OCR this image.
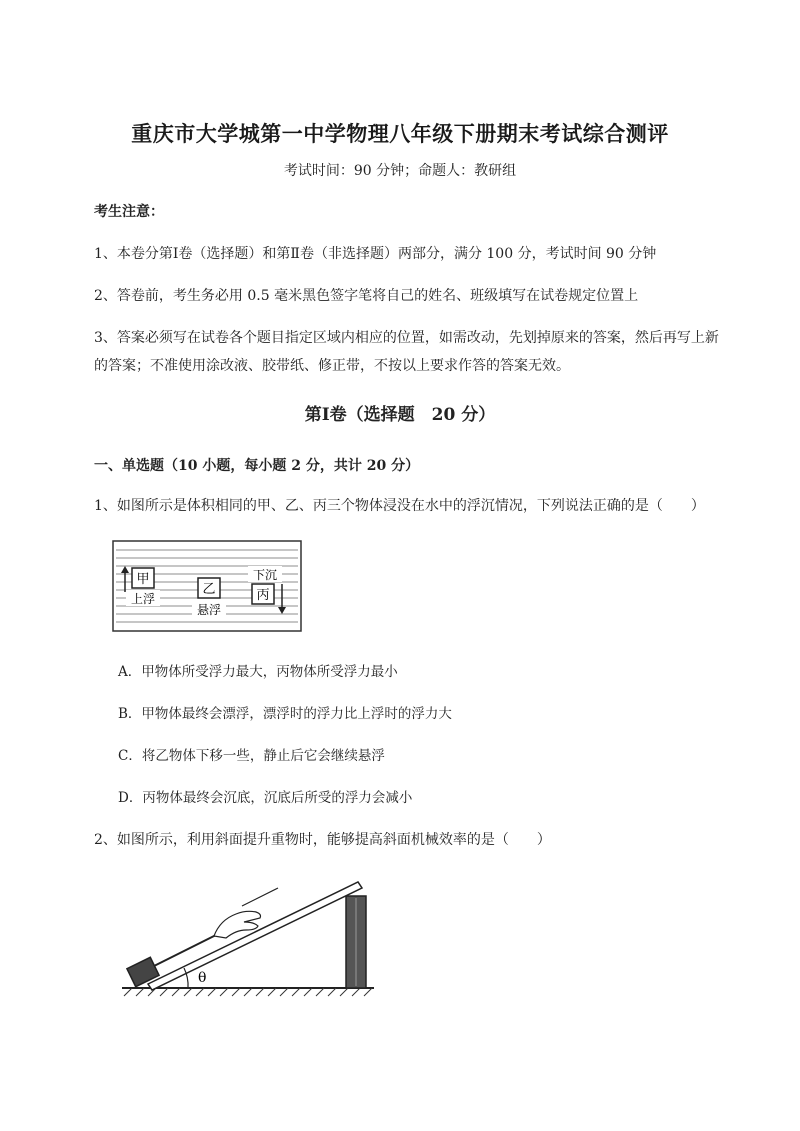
重庆市大学城第一中学物理八年级下册期末考试综合测评
考试时间：90 分钟；命题人：教研组
考生注意：
1、本卷分第Ⅰ卷（选择题）和第Ⅱ卷（非选择题）两部分，满分 100 分，考试时间 90 分钟
2、答卷前，考生务必用 0.5 毫米黑色签字笔将自己的姓名、班级填写在试卷规定位置上
3、答案必须写在试卷各个题目指定区域内相应的位置，如需改动，先划掉原来的答案，然后再写上新
的答案；不准使用涂改液、胶带纸、修正带，不按以上要求作答的答案无效。
第Ⅰ卷（选择题　20 分）
一、单选题（10 小题，每小题 2 分，共计 20 分）
1、如图所示是体积相同的甲、乙、丙三个物体浸没在水中的浮沉情况，下列说法正确的是（　　）
甲
上浮
乙
悬浮
下沉
丙
A．甲物体所受浮力最大，丙物体所受浮力最小
B．甲物体最终会漂浮，漂浮时的浮力比上浮时的浮力大
C．将乙物体下移一些，静止后它会继续悬浮
D．丙物体最终会沉底，沉底后所受的浮力会减小
2、如图所示，利用斜面提升重物时，能够提高斜面机械效率的是（　　）
θ
